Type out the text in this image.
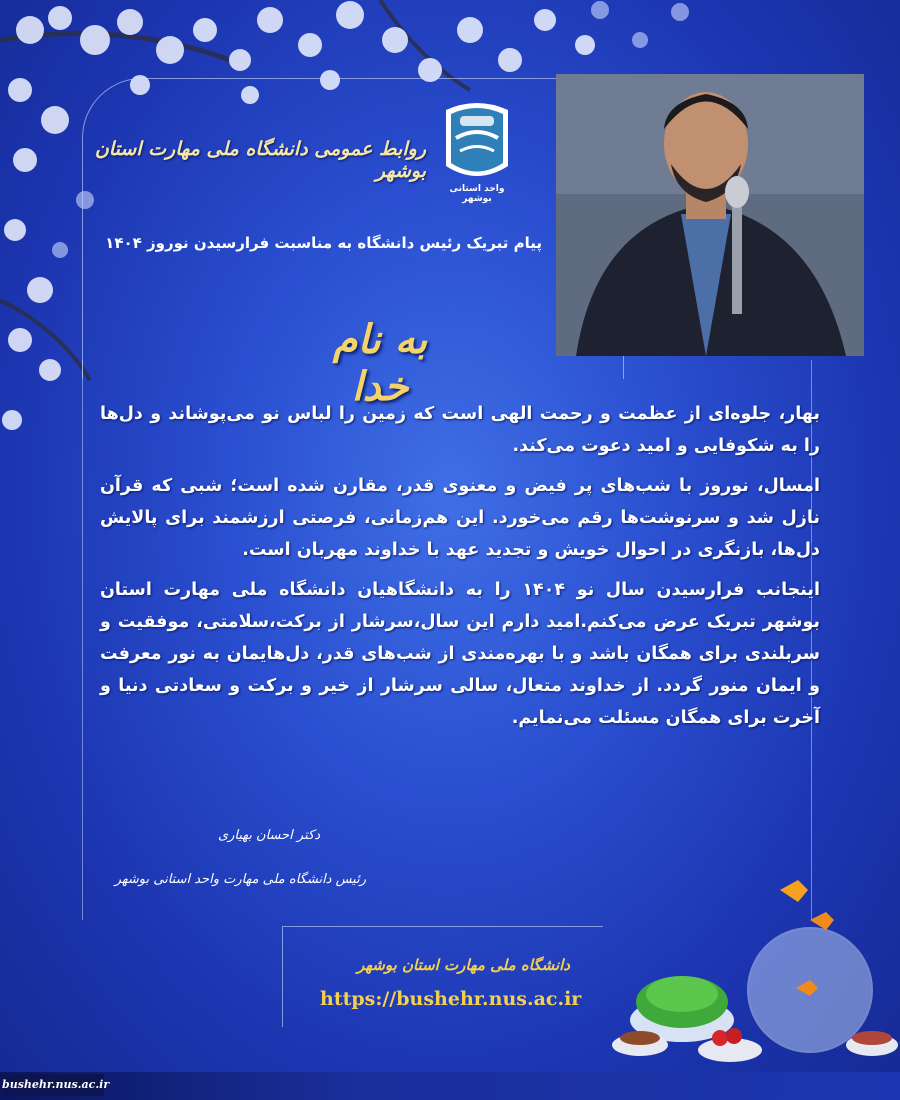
واحد استانی بوشهر
روابط عمومی دانشگاه ملی مهارت استان بوشهر
پیام تبریک رئیس دانشگاه به مناسبت فرارسیدن نوروز ۱۴۰۴
به نام خدا

بهار، جلوه‌ای از عظمت و رحمت الهی است که زمین را لباس نو می‌پوشاند و دل‌ها را به شکوفایی و امید دعوت می‌کند.

امسال، نوروز با شب‌های پر فیض و معنوی قدر، مقارن شده است؛ شبی که قرآن نازل شد و سرنوشت‌ها رقم می‌خورد. این هم‌زمانی، فرصتی ارزشمند برای پالایش دل‌ها، بازنگری در احوال خویش و تجدید عهد با خداوند مهربان است.

اینجانب فرارسیدن سال نو ۱۴۰۴ را به دانشگاهیان دانشگاه ملی مهارت استان بوشهر تبریک عرض می‌کنم.امید دارم این سال،سرشار از برکت،سلامتی، موفقیت و سربلندی برای همگان باشد و با بهره‌مندی از شب‌های قدر، دل‌هایمان به نور معرفت و ایمان منور گردد. از خداوند متعال، سالی سرشار از خیر و برکت و سعادتی دنیا و آخرت برای همگان مسئلت می‌نمایم.

دکتر احسان بهیاری
رئیس دانشگاه ملی مهارت واحد استانی بوشهر
دانشگاه ملی مهارت استان بوشهر
https://bushehr.nus.ac.ir
bushehr.nus.ac.ir
